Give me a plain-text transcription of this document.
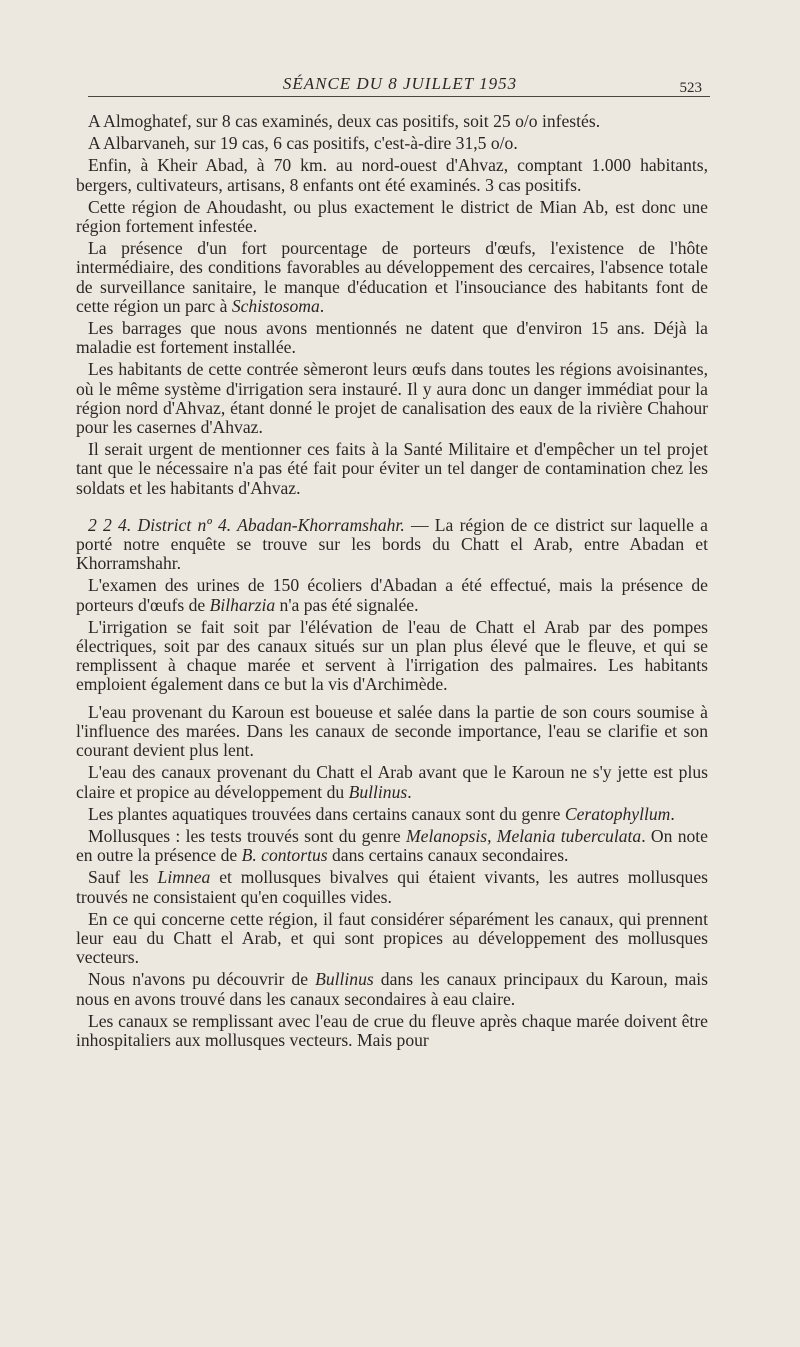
SÉANCE DU 8 JUILLET 1953	523

A Almoghatef, sur 8 cas examinés, deux cas positifs, soit 25 o/o infestés.

A Albarvaneh, sur 19 cas, 6 cas positifs, c'est-à-dire 31,5 o/o.

Enfin, à Kheir Abad, à 70 km. au nord-ouest d'Ahvaz, comptant 1.000 habitants, bergers, cultivateurs, artisans, 8 enfants ont été examinés. 3 cas positifs.

Cette région de Ahoudasht, ou plus exactement le district de Mian Ab, est donc une région fortement infestée.

La présence d'un fort pourcentage de porteurs d'œufs, l'existence de l'hôte intermédiaire, des conditions favorables au développement des cercaires, l'absence totale de surveillance sanitaire, le manque d'éducation et l'insouciance des habitants font de cette région un parc à Schistosoma.

Les barrages que nous avons mentionnés ne datent que d'environ 15 ans. Déjà la maladie est fortement installée.

Les habitants de cette contrée sèmeront leurs œufs dans toutes les régions avoisinantes, où le même système d'irrigation sera instauré. Il y aura donc un danger immédiat pour la région nord d'Ahvaz, étant donné le projet de canalisation des eaux de la rivière Chahour pour les casernes d'Ahvaz.

Il serait urgent de mentionner ces faits à la Santé Militaire et d'empêcher un tel projet tant que le nécessaire n'a pas été fait pour éviter un tel danger de contamination chez les soldats et les habitants d'Ahvaz.

2 2 4. District nº 4. Abadan-Khorramshahr. — La région de ce district sur laquelle a porté notre enquête se trouve sur les bords du Chatt el Arab, entre Abadan et Khorramshahr.

L'examen des urines de 150 écoliers d'Abadan a été effectué, mais la présence de porteurs d'œufs de Bilharzia n'a pas été signalée.

L'irrigation se fait soit par l'élévation de l'eau de Chatt el Arab par des pompes électriques, soit par des canaux situés sur un plan plus élevé que le fleuve, et qui se remplissent à chaque marée et servent à l'irrigation des palmaires. Les habitants emploient également dans ce but la vis d'Archimède.

L'eau provenant du Karoun est boueuse et salée dans la partie de son cours soumise à l'influence des marées. Dans les canaux de seconde importance, l'eau se clarifie et son courant devient plus lent.

L'eau des canaux provenant du Chatt el Arab avant que le Karoun ne s'y jette est plus claire et propice au développement du Bullinus.

Les plantes aquatiques trouvées dans certains canaux sont du genre Ceratophyllum.

Mollusques : les tests trouvés sont du genre Melanopsis, Melania tuberculata. On note en outre la présence de B. contortus dans certains canaux secondaires.

Sauf les Limnea et mollusques bivalves qui étaient vivants, les autres mollusques trouvés ne consistaient qu'en coquilles vides.

En ce qui concerne cette région, il faut considérer séparément les canaux, qui prennent leur eau du Chatt el Arab, et qui sont propices au développement des mollusques vecteurs.

Nous n'avons pu découvrir de Bullinus dans les canaux principaux du Karoun, mais nous en avons trouvé dans les canaux secondaires à eau claire.

Les canaux se remplissant avec l'eau de crue du fleuve après chaque marée doivent être inhospitaliers aux mollusques vecteurs. Mais pour
